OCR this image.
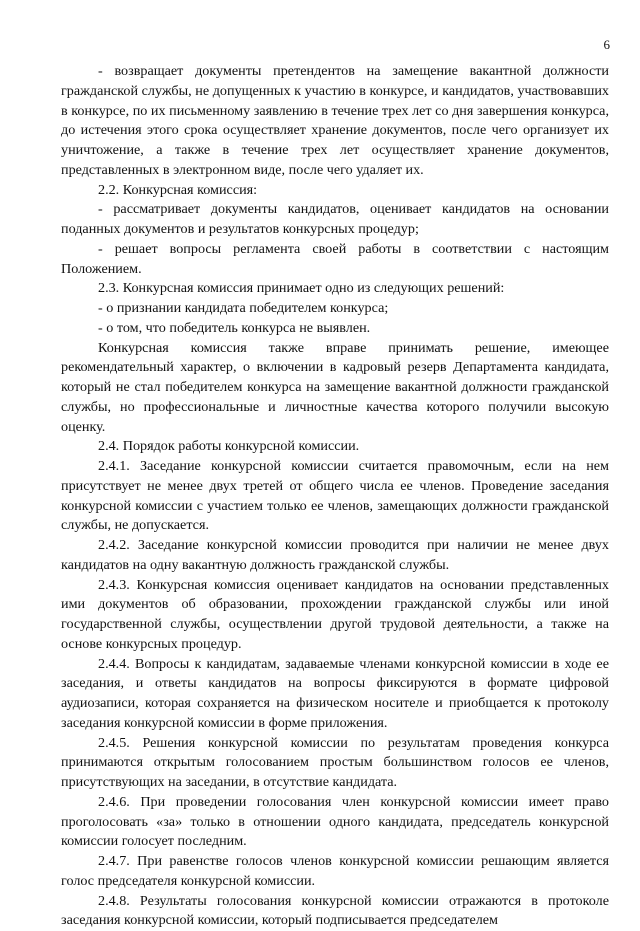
6

- возвращает документы претендентов на замещение вакантной должности гражданской службы, не допущенных к участию в конкурсе, и кандидатов, участвовавших в конкурсе, по их письменному заявлению в течение трех лет со дня завершения конкурса, до истечения этого срока осуществляет хранение документов, после чего организует их уничтожение, а также в течение трех лет осуществляет хранение документов, представленных в электронном виде, после чего удаляет их.

2.2. Конкурсная комиссия:

- рассматривает документы кандидатов, оценивает кандидатов на основании поданных документов и результатов конкурсных процедур;

- решает вопросы регламента своей работы в соответствии с настоящим Положением.

2.3. Конкурсная комиссия принимает одно из следующих решений:

- о признании кандидата победителем конкурса;

- о том, что победитель конкурса не выявлен.

Конкурсная комиссия также вправе принимать решение, имеющее рекомендательный характер, о включении в кадровый резерв Департамента кандидата, который не стал победителем конкурса на замещение вакантной должности гражданской службы, но профессиональные и личностные качества которого получили высокую оценку.

2.4. Порядок работы конкурсной комиссии.

2.4.1. Заседание конкурсной комиссии считается правомочным, если на нем присутствует не менее двух третей от общего числа ее членов. Проведение заседания конкурсной комиссии с участием только ее членов, замещающих должности гражданской службы, не допускается.

2.4.2. Заседание конкурсной комиссии проводится при наличии не менее двух кандидатов на одну вакантную должность гражданской службы.

2.4.3. Конкурсная комиссия оценивает кандидатов на основании представленных ими документов об образовании, прохождении гражданской службы или иной государственной службы, осуществлении другой трудовой деятельности, а также на основе конкурсных процедур.

2.4.4. Вопросы к кандидатам, задаваемые членами конкурсной комиссии в ходе ее заседания, и ответы кандидатов на вопросы фиксируются в формате цифровой аудиозаписи, которая сохраняется на физическом носителе и приобщается к протоколу заседания конкурсной комиссии в форме приложения.

2.4.5. Решения конкурсной комиссии по результатам проведения конкурса принимаются открытым голосованием простым большинством голосов ее членов, присутствующих на заседании, в отсутствие кандидата.

2.4.6. При проведении голосования член конкурсной комиссии имеет право проголосовать «за» только в отношении одного кандидата, председатель конкурсной комиссии голосует последним.

2.4.7. При равенстве голосов членов конкурсной комиссии решающим является голос председателя конкурсной комиссии.

2.4.8. Результаты голосования конкурсной комиссии отражаются в протоколе заседания конкурсной комиссии, который подписывается председателем
